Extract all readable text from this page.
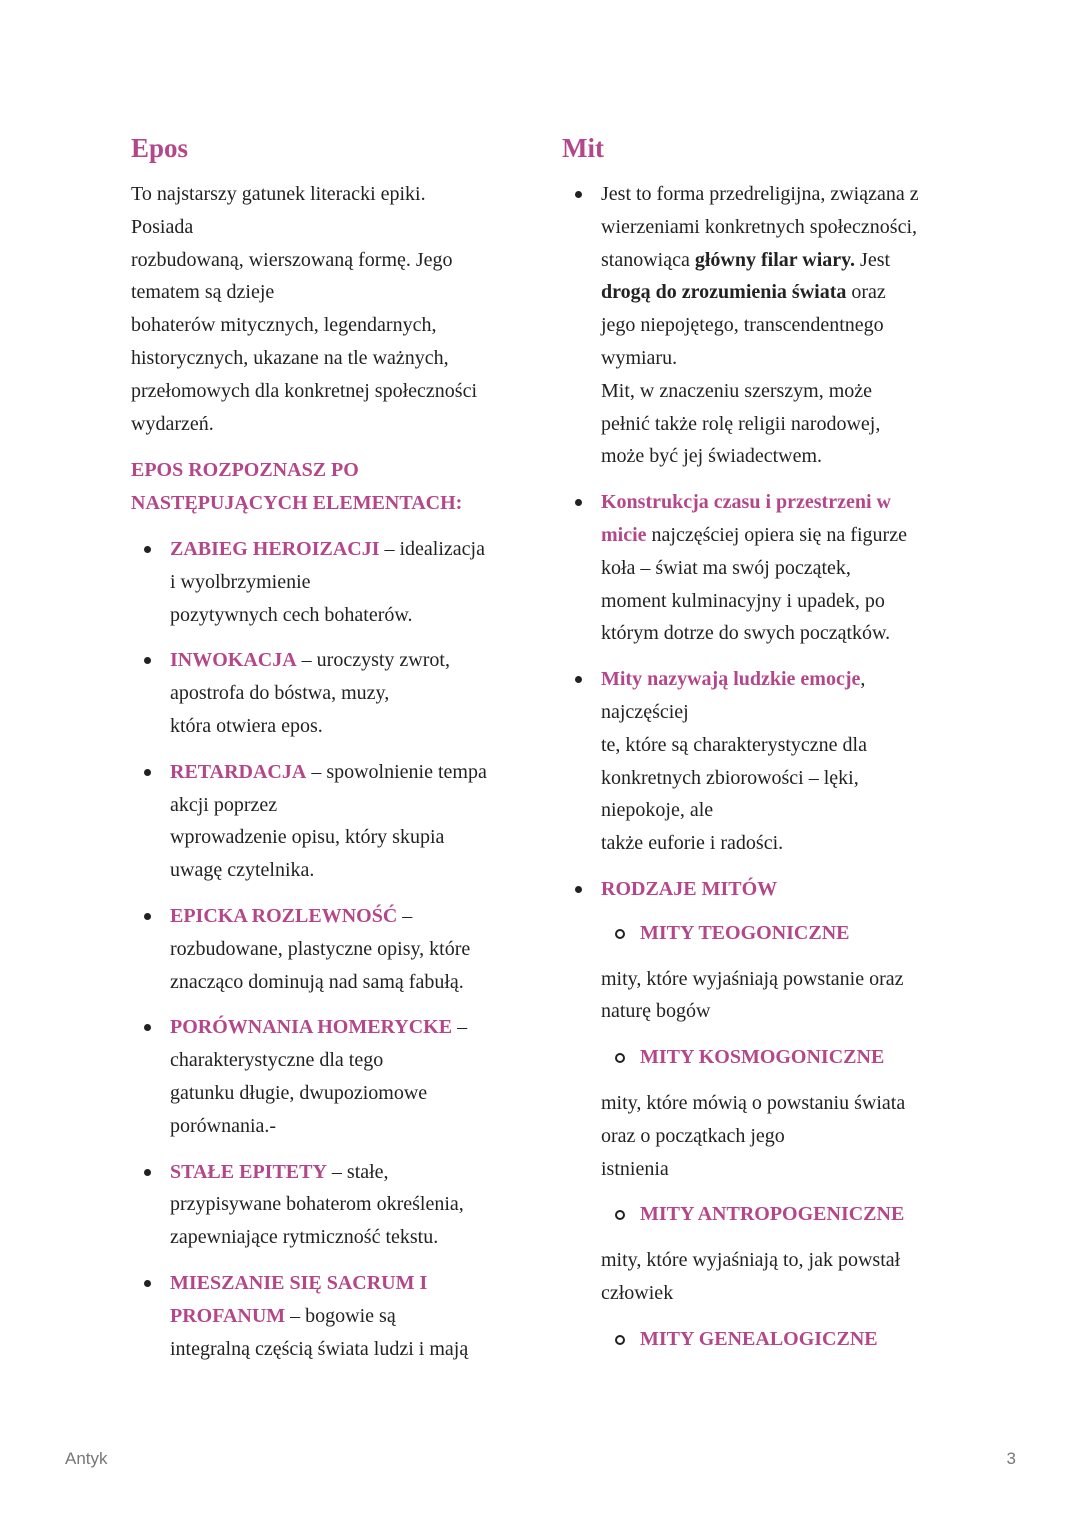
Epos

To najstarszy gatunek literacki epiki.
Posiada
rozbudowaną, wierszowaną formę. Jego
tematem są dzieje
bohaterów mitycznych, legendarnych,
historycznych, ukazane na tle ważnych,
przełomowych dla konkretnej społeczności
wydarzeń.

EPOS ROZPOZNASZ PO
NASTĘPUJĄCYCH ELEMENTACH:
ZABIEG HEROIZACJI – idealizacja
i wyolbrzymienie
pozytywnych cech bohaterów.
INWOKACJA – uroczysty zwrot,
apostrofa do bóstwa, muzy,
która otwiera epos.
RETARDACJA – spowolnienie tempa
akcji poprzez
wprowadzenie opisu, który skupia
uwagę czytelnika.
EPICKA ROZLEWNOŚĆ –
rozbudowane, plastyczne opisy, które
znacząco dominują nad samą fabułą.
PORÓWNANIA HOMERYCKE –
charakterystyczne dla tego
gatunku długie, dwupoziomowe
porównania.-
STAŁE EPITETY – stałe,
przypisywane bohaterom określenia,
zapewniające rytmiczność tekstu.
MIESZANIE SIĘ SACRUM I
PROFANUM – bogowie są
integralną częścią świata ludzi i mają
Mit
Jest to forma przedreligijna, związana z
wierzeniami konkretnych społeczności,
stanowiąca główny filar wiary. Jest
drogą do zrozumienia świata oraz
jego niepojętego, transcendentnego
wymiaru.
Mit, w znaczeniu szerszym, może
pełnić także rolę religii narodowej,
może być jej świadectwem.
Konstrukcja czasu i przestrzeni w
micie najczęściej opiera się na figurze
koła – świat ma swój początek,
moment kulminacyjny i upadek, po
którym dotrze do swych początków.
Mity nazywają ludzkie emocje,
najczęściej
te, które są charakterystyczne dla
konkretnych zbiorowości – lęki,
niepokoje, ale
także euforie i radości.
RODZAJE MITÓW
MITY TEOGONICZNE

mity, które wyjaśniają powstanie oraz
naturę bogów

MITY KOSMOGONICZNE

mity, które mówią o powstaniu świata
oraz o początkach jego
istnienia

MITY ANTROPOGENICZNE

mity, które wyjaśniają to, jak powstał
człowiek

MITY GENEALOGICZNE
Antyk	3
